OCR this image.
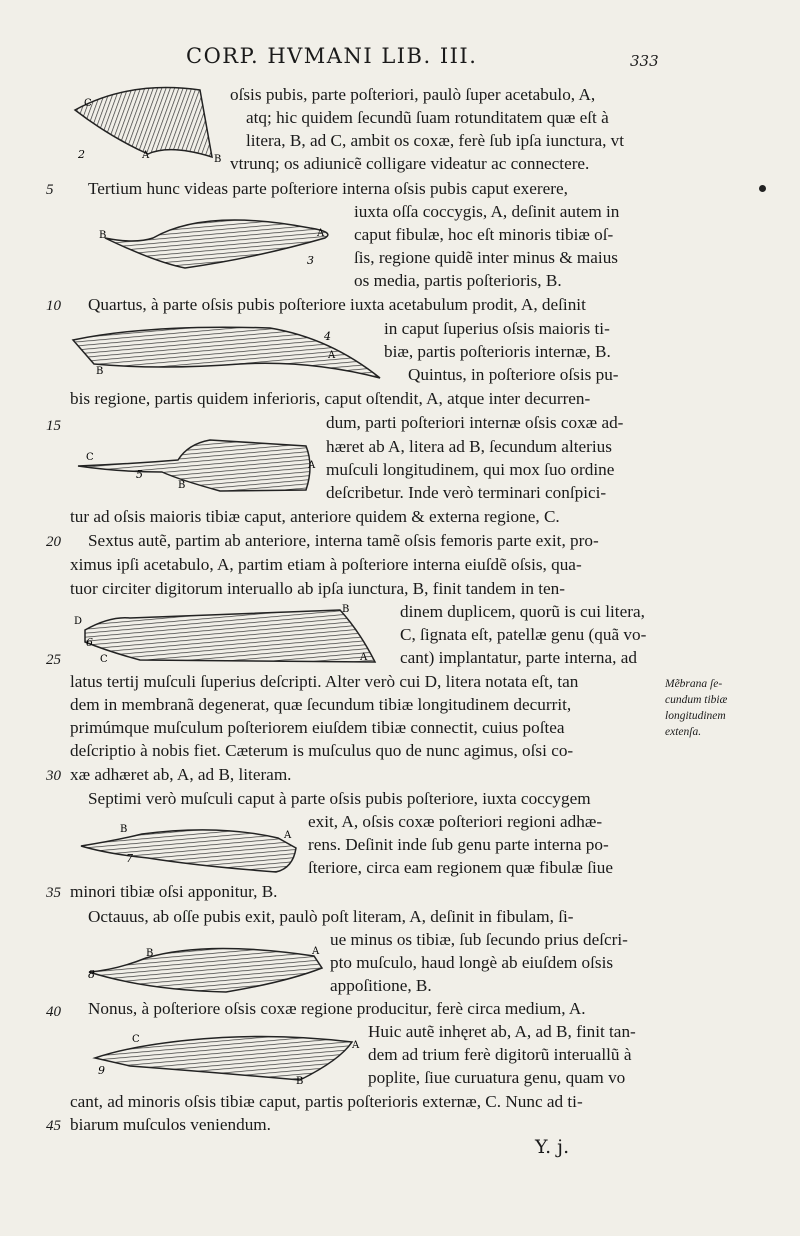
CORP. HVMANI LIB. III.	333
oſsis pubis, parte poſteriori, paulò ſuper acetabulo, A,
atq; hic quidem ſecundũ ſuam rotunditatem quæ eſt à
litera, B, ad C, ambit os coxæ, ferè ſub ipſa iunctura, vt
vtrunq; os adiunicẽ colligare videatur ac connectere.
Tertium hunc videas parte poſteriore interna oſsis pubis caput exerere,
iuxta oſſa coccygis, A, deſinit autem in
caput fibulæ, hoc eſt minoris tibiæ oſ-
ſis, regione quidẽ inter minus & maius
os media, partis poſterioris, B.
Quartus, à parte oſsis pubis poſteriore iuxta acetabulum prodit, A, deſinit
in caput ſuperius oſsis maioris ti-
biæ, partis poſterioris internæ, B.
Quintus, in poſteriore oſsis pu-
bis regione, partis quidem inferioris, caput oſtendit, A, atque inter decurren-
dum, parti poſteriori internæ oſsis coxæ ad-
hæret ab A, litera ad B, ſecundum alterius
muſculi longitudinem, qui mox ſuo ordine
deſcribetur. Inde verò terminari conſpici-
tur ad oſsis maioris tibiæ caput, anteriore quidem & externa regione, C.
Sextus autẽ, partim ab anteriore, interna tamẽ oſsis femoris parte exit, pro-
ximus ipſi acetabulo, A, partim etiam à poſteriore interna eiuſdẽ oſsis, qua-
tuor circiter digitorum interuallo ab ipſa iunctura, B, finit tandem in ten-
dinem duplicem, quorũ is cui litera,
C, ſignata eſt, patellæ genu (quã vo-
cant) implantatur, parte interna, ad
latus tertij muſculi ſuperius deſcripti. Alter verò cui D, litera notata eſt, tan
dem in membranã degenerat, quæ ſecundum tibiæ longitudinem decurrit,
primúmque muſculum poſteriorem eiuſdem tibiæ connectit, cuius poſtea
deſcriptio à nobis fiet. Cæterum is muſculus quo de nunc agimus, oſsi co-
xæ adhæret ab, A, ad B, literam.
Septimi verò muſculi caput à parte oſsis pubis poſteriore, iuxta coccygem
exit, A, oſsis coxæ poſteriori regioni adhæ-
rens. Deſinit inde ſub genu parte interna po-
ſteriore, circa eam regionem quæ fibulæ ſiue
minori tibiæ oſsi apponitur, B.
Octauus, ab oſſe pubis exit, paulò poſt literam, A, deſinit in fibulam, ſi-
ue minus os tibiæ, ſub ſecundo prius deſcri-
pto muſculo, haud longè ab eiuſdem oſsis
appoſitione, B.
Nonus, à poſteriore oſsis coxæ regione producitur, ferè circa medium, A.
Huic autẽ inhęret ab, A, ad B, finit tan-
dem ad trium ferè digitorũ interuallũ à
poplite, ſiue curuatura genu, quam vo
cant, ad minoris oſsis tibiæ caput, partis poſterioris externæ, C. Nunc ad ti-
biarum muſculos veniendum.
5
10
15
20
25
30
35
40
45
Mẽbrana ſe-
cundum tibiæ
longitudinem
extenſa.
Y. j.
C
2	A	B
B	A
3
4
B
A
C
5
B
A
B
D
6
C	A
B
A
7
B	A
8
C
9
A
B
